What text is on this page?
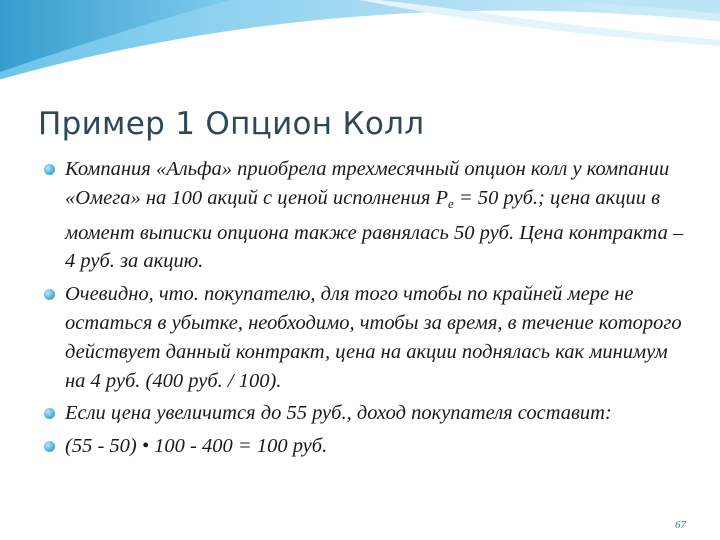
Пример 1 Опцион Колл
Компания «Альфа» приобрела трехмесячный опцион колл у компании «Омега» на 100 акций с ценой исполнения $P_e = 50$ руб.; цена акции в момент выписки опциона также равнялась 50 руб. Цена контракта – 4 руб. за акцию.
Очевидно, что. покупателю, для того чтобы по крайней мере не остаться в убытке, необходимо, чтобы за время, в течение которого действует данный контракт, цена на акции поднялась как минимум на 4 руб. (400 руб. / 100).
Если цена увеличится до 55 руб., доход покупателя составит:
(55 - 50) • 100 - 400 = 100 руб.
67
